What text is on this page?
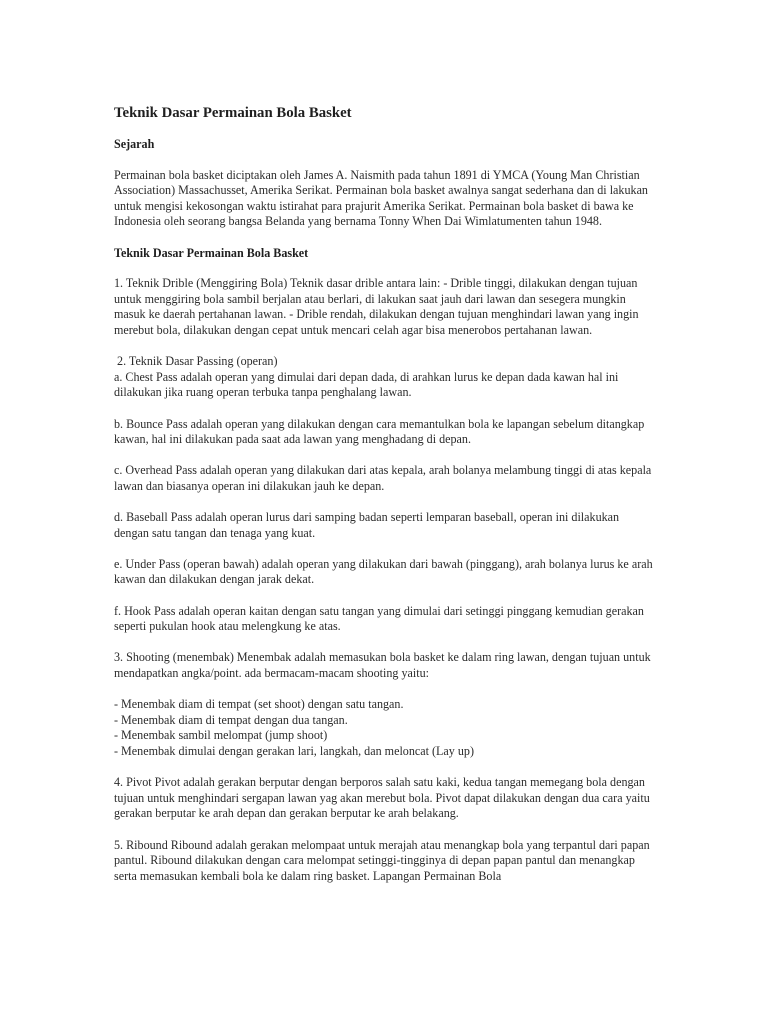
Teknik Dasar Permainan Bola Basket
Sejarah
Permainan bola basket diciptakan oleh James A. Naismith pada tahun 1891 di YMCA (Young Man Christian Association) Massachusset, Amerika Serikat. Permainan bola basket awalnya sangat sederhana dan di lakukan untuk mengisi kekosongan waktu istirahat para prajurit Amerika Serikat. Permainan bola basket di bawa ke Indonesia oleh seorang bangsa Belanda yang bernama Tonny When Dai Wimlatumenten tahun 1948.
Teknik Dasar Permainan Bola Basket
1. Teknik Drible (Menggiring Bola) Teknik dasar drible antara lain: - Drible tinggi, dilakukan dengan tujuan untuk menggiring bola sambil berjalan atau berlari, di lakukan saat jauh dari lawan dan sesegera mungkin masuk ke daerah pertahanan lawan. - Drible rendah, dilakukan dengan tujuan menghindari lawan yang ingin merebut bola, dilakukan dengan cepat untuk mencari celah agar bisa menerobos pertahanan lawan.
2. Teknik Dasar Passing (operan)
a. Chest Pass adalah operan yang dimulai dari depan dada, di arahkan lurus ke depan dada kawan hal ini dilakukan jika ruang operan terbuka tanpa penghalang lawan.
b. Bounce Pass adalah operan yang dilakukan dengan cara memantulkan bola ke lapangan sebelum ditangkap kawan, hal ini dilakukan pada saat ada lawan yang menghadang di depan.
c. Overhead Pass adalah operan yang dilakukan dari atas kepala, arah bolanya melambung tinggi di atas kepala lawan dan biasanya operan ini dilakukan jauh ke depan.
d. Baseball Pass adalah operan lurus dari samping badan seperti lemparan baseball, operan ini dilakukan dengan satu tangan dan tenaga yang kuat.
e. Under Pass (operan bawah) adalah operan yang dilakukan dari bawah (pinggang), arah bolanya lurus ke arah kawan dan dilakukan dengan jarak dekat.
f. Hook Pass adalah operan kaitan dengan satu tangan yang dimulai dari setinggi pinggang kemudian gerakan seperti pukulan hook atau melengkung ke atas.
3. Shooting (menembak) Menembak adalah memasukan bola basket ke dalam ring lawan, dengan tujuan untuk mendapatkan angka/point. ada bermacam-macam shooting yaitu:
- Menembak diam di tempat (set shoot) dengan satu tangan.
- Menembak diam di tempat dengan dua tangan.
- Menembak sambil melompat (jump shoot)
- Menembak dimulai dengan gerakan lari, langkah, dan meloncat (Lay up)
4. Pivot Pivot adalah gerakan berputar dengan berporos salah satu kaki, kedua tangan memegang bola dengan tujuan untuk menghindari sergapan lawan yag akan merebut bola. Pivot dapat dilakukan dengan dua cara yaitu gerakan berputar ke arah depan dan gerakan berputar ke arah belakang.
5. Ribound Ribound adalah gerakan melompaat untuk merajah atau menangkap bola yang terpantul dari papan pantul. Ribound dilakukan dengan cara melompat setinggi-tingginya di depan papan pantul dan menangkap serta memasukan kembali bola ke dalam ring basket. Lapangan Permainan Bola
